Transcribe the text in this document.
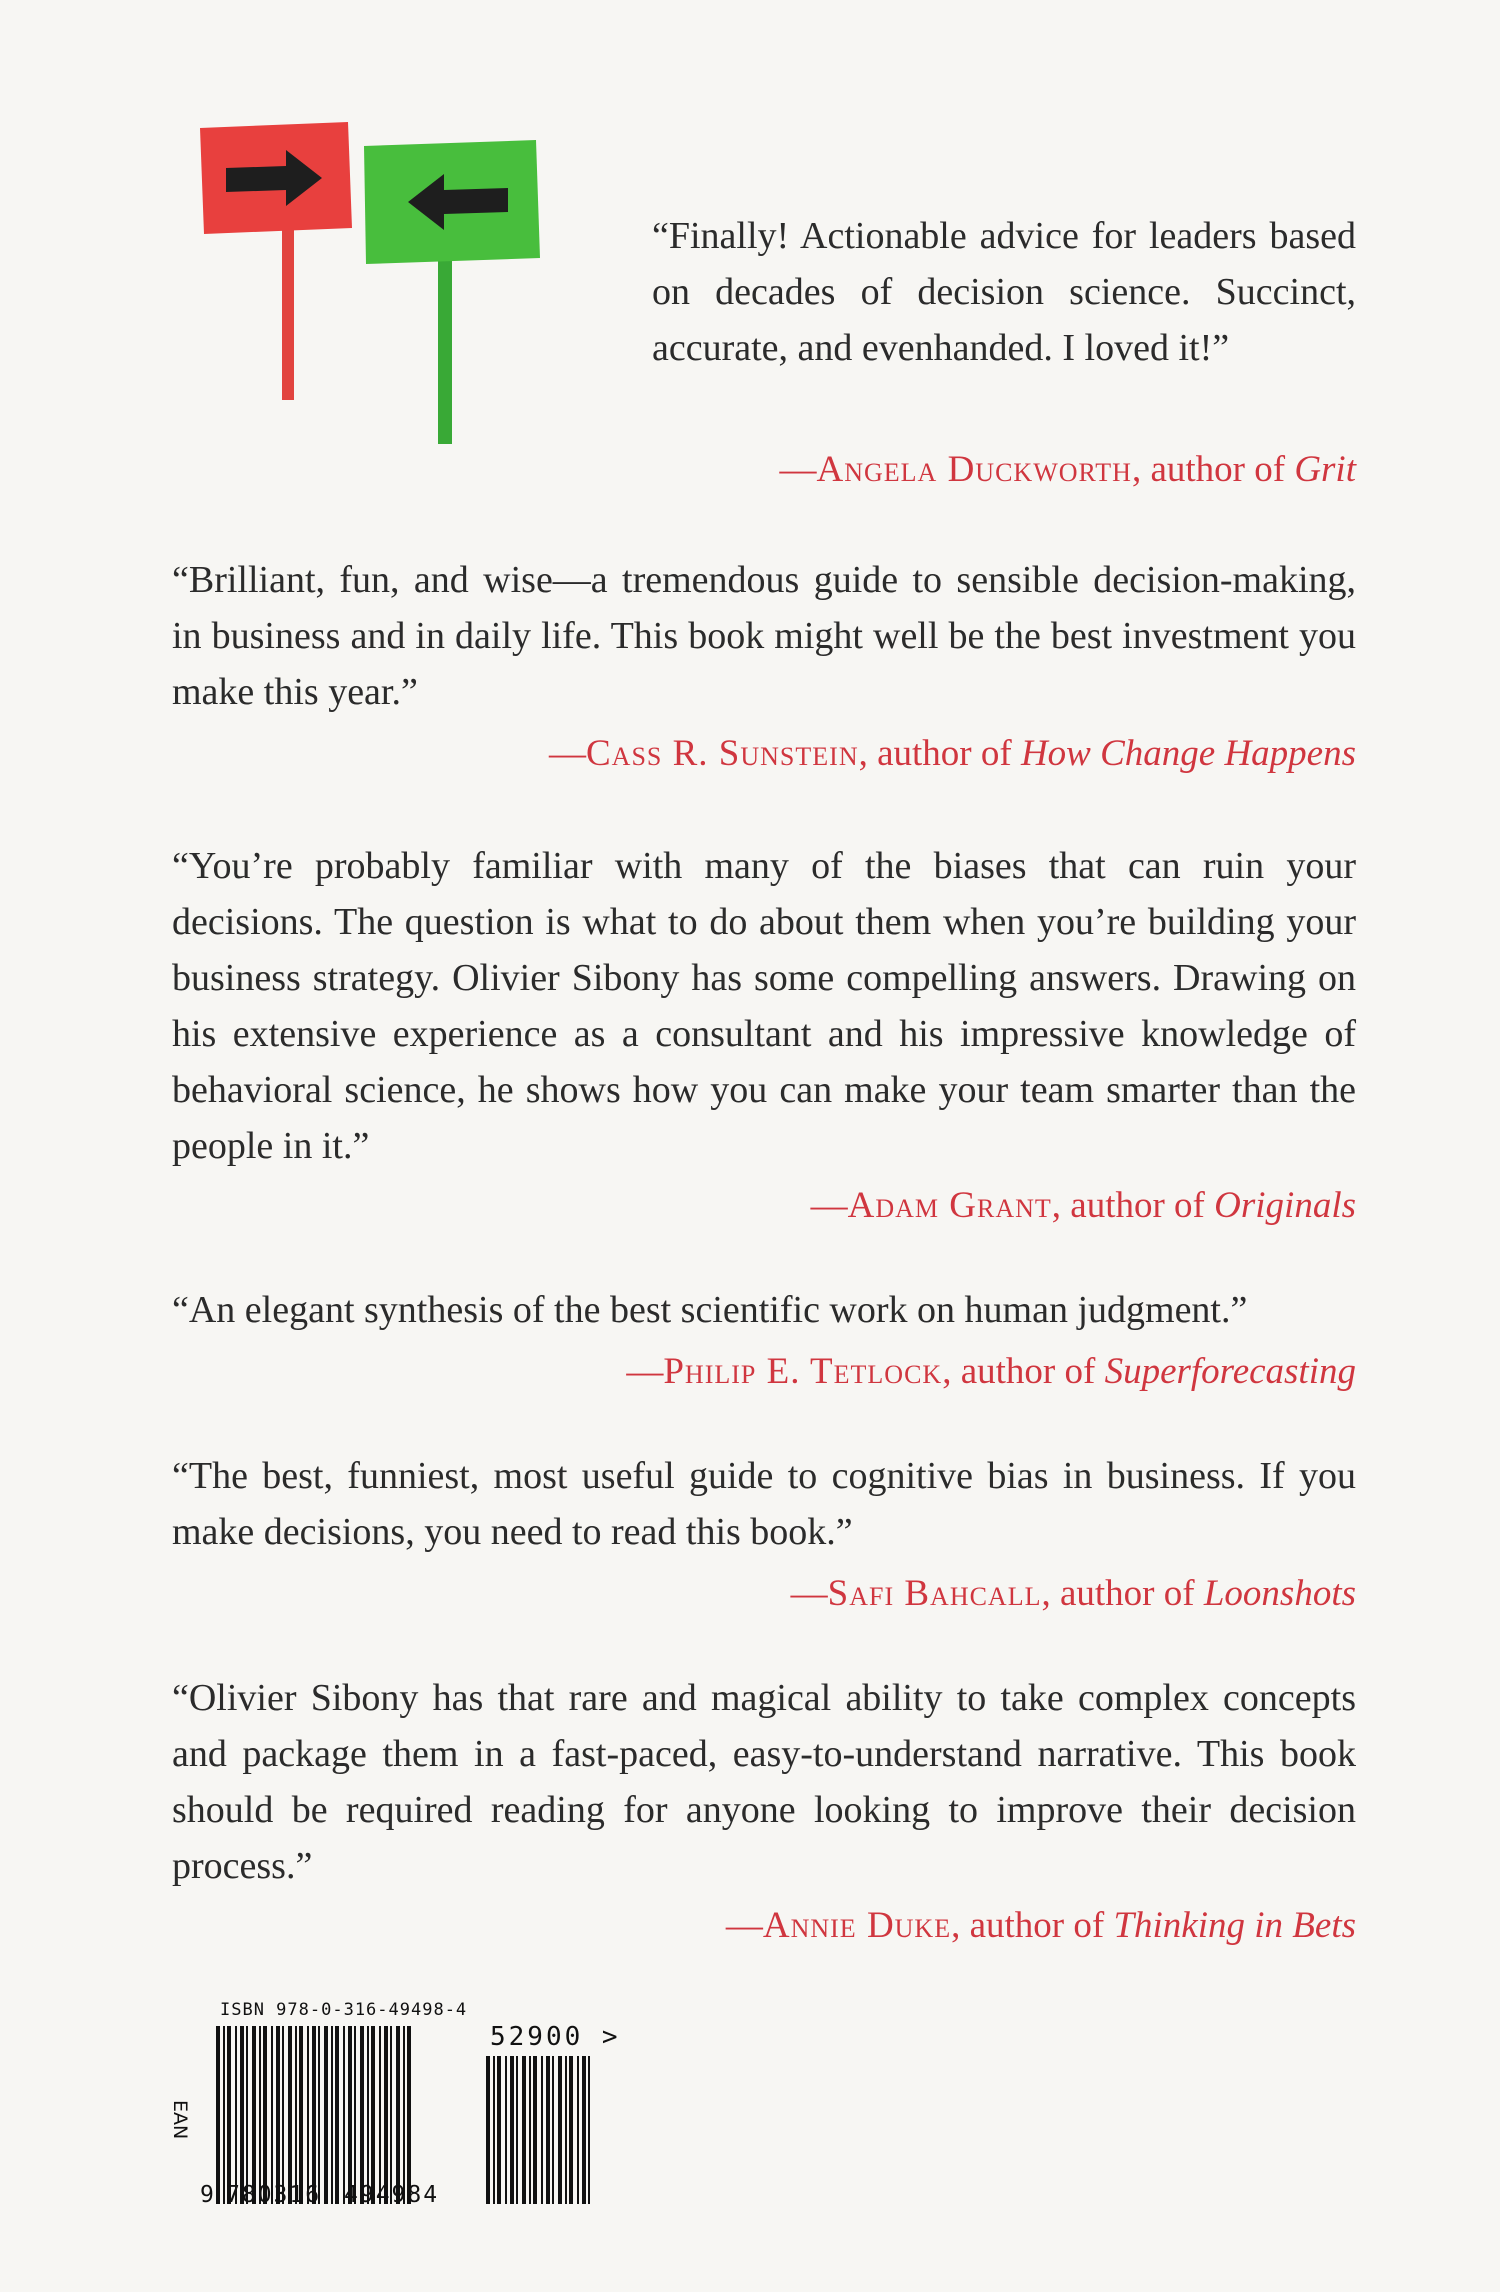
“Finally! Actionable advice for leaders based on decades of decision science. Succinct, accurate, and evenhanded. I loved it!”
—Angela Duckworth, author of Grit
“Brilliant, fun, and wise—a tremendous guide to sensible decision-making, in business and in daily life. This book might well be the best investment you make this year.”
—Cass R. Sunstein, author of How Change Happens
“You’re probably familiar with many of the biases that can ruin your decisions. The question is what to do about them when you’re building your business strategy. Olivier Sibony has some compelling answers. Drawing on his extensive experience as a consultant and his impressive knowledge of behavioral science, he shows how you can make your team smarter than the people in it.”
—Adam Grant, author of Originals
“An elegant synthesis of the best scientific work on human judgment.”
—Philip E. Tetlock, author of Superforecasting
“The best, funniest, most useful guide to cognitive bias in business. If you make decisions, you need to read this book.”
—Safi Bahcall, author of Loonshots
“Olivier Sibony has that rare and magical ability to take complex concepts and package them in a fast-paced, easy-to-understand narrative. This book should be required reading for anyone looking to improve their decision process.”
—Annie Duke, author of Thinking in Bets
ISBN 978-0-316-49498-4
52900 >
EAN
9 780316 494984
